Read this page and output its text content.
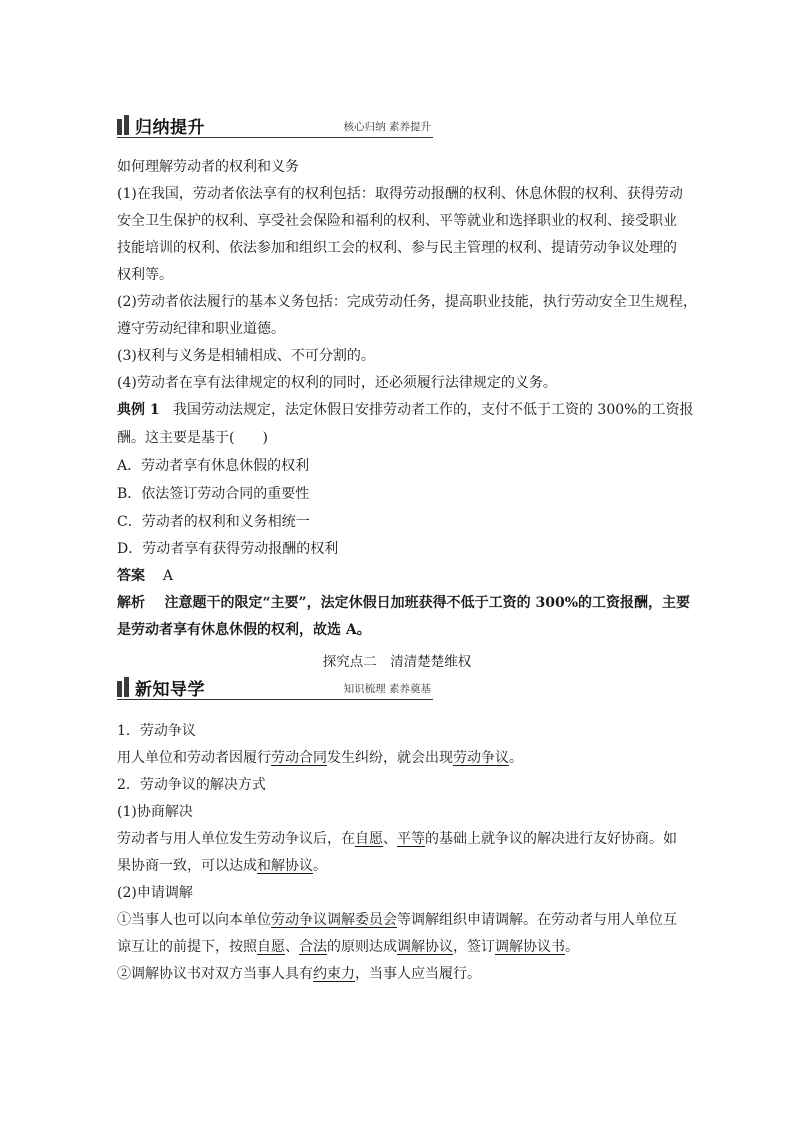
归纳提升	核心归纳 素养提升
如何理解劳动者的权利和义务
(1)在我国，劳动者依法享有的权利包括：取得劳动报酬的权利、休息休假的权利、获得劳动
安全卫生保护的权利、享受社会保险和福利的权利、平等就业和选择职业的权利、接受职业
技能培训的权利、依法参加和组织工会的权利、参与民主管理的权利、提请劳动争议处理的
权利等。
(2)劳动者依法履行的基本义务包括：完成劳动任务，提高职业技能，执行劳动安全卫生规程，
遵守劳动纪律和职业道德。
(3)权利与义务是相辅相成、不可分割的。
(4)劳动者在享有法律规定的权利的同时，还必须履行法律规定的义务。
典例 1 我国劳动法规定，法定休假日安排劳动者工作的，支付不低于工资的 300%的工资报
酬。这主要是基于(　　)
A．劳动者享有休息休假的权利
B．依法签订劳动合同的重要性
C．劳动者的权利和义务相统一
D．劳动者享有获得劳动报酬的权利
答案 A
解析 注意题干的限定“主要”，法定休假日加班获得不低于工资的 300%的工资报酬，主要
是劳动者享有休息休假的权利，故选 A。
探究点二　清清楚楚维权
新知导学	知识梳理 素养奠基
1．劳动争议
用人单位和劳动者因履行劳动合同发生纠纷，就会出现劳动争议。
2．劳动争议的解决方式
(1)协商解决
劳动者与用人单位发生劳动争议后，在自愿、平等的基础上就争议的解决进行友好协商。如
果协商一致，可以达成和解协议。
(2)申请调解
①当事人也可以向本单位劳动争议调解委员会等调解组织申请调解。在劳动者与用人单位互
谅互让的前提下，按照自愿、合法的原则达成调解协议，签订调解协议书。
②调解协议书对双方当事人具有约束力，当事人应当履行。
